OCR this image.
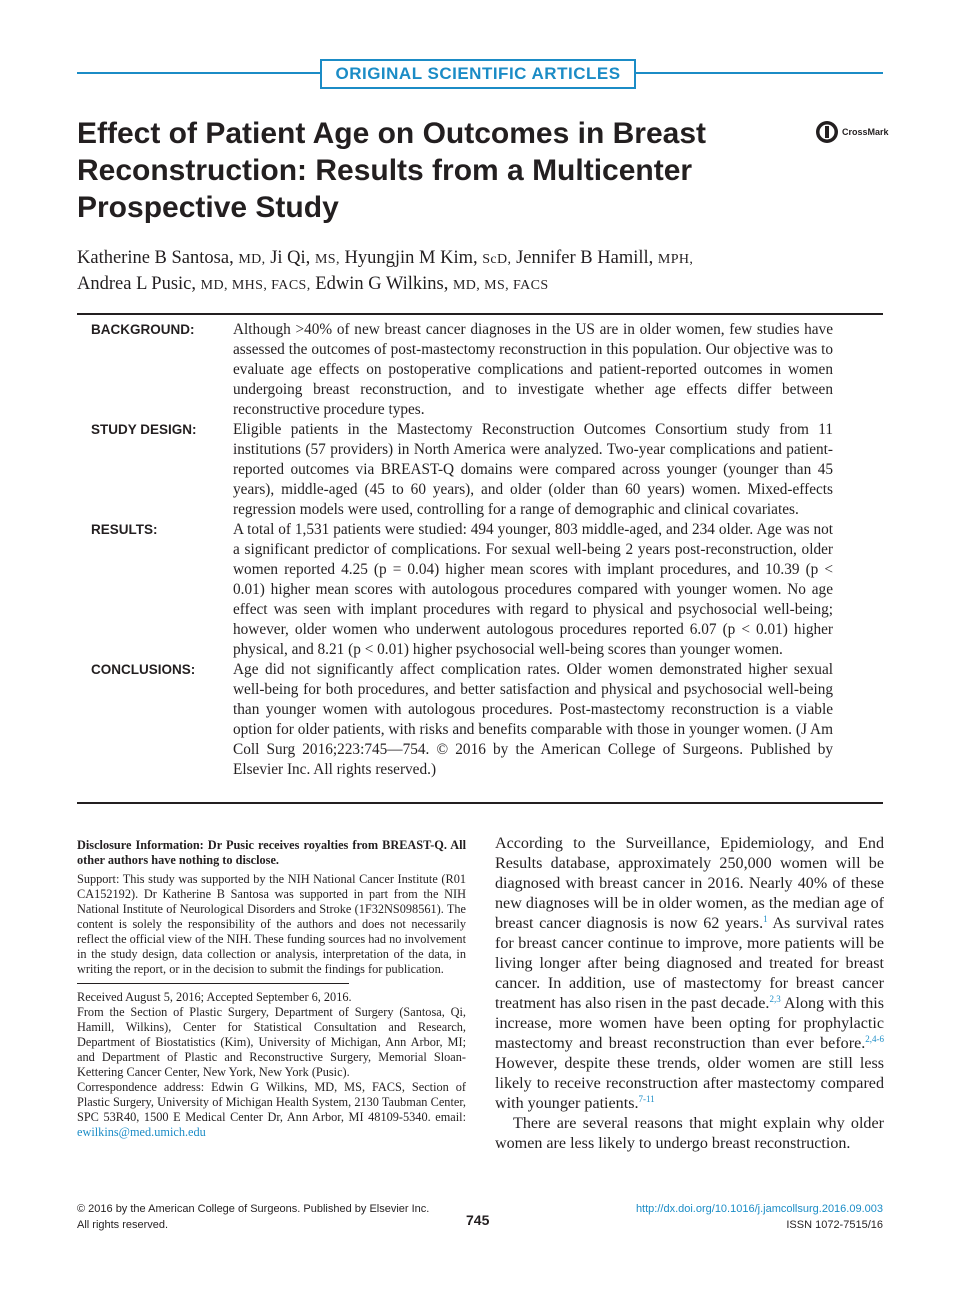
ORIGINAL SCIENTIFIC ARTICLES
Effect of Patient Age on Outcomes in Breast Reconstruction: Results from a Multicenter Prospective Study
CrossMark
Katherine B Santosa, MD, Ji Qi, MS, Hyungjin M Kim, ScD, Jennifer B Hamill, MPH,
Andrea L Pusic, MD, MHS, FACS, Edwin G Wilkins, MD, MS, FACS
BACKGROUND:	Although >40% of new breast cancer diagnoses in the US are in older women, few studies have assessed the outcomes of post-mastectomy reconstruction in this population. Our objective was to evaluate age effects on postoperative complications and patient-reported outcomes in women undergoing breast reconstruction, and to investigate whether age effects differ between reconstructive procedure types.
STUDY DESIGN:	Eligible patients in the Mastectomy Reconstruction Outcomes Consortium study from 11 institutions (57 providers) in North America were analyzed. Two-year complications and patient-reported outcomes via BREAST-Q domains were compared across younger (younger than 45 years), middle-aged (45 to 60 years), and older (older than 60 years) women. Mixed-effects regression models were used, controlling for a range of demographic and clinical covariates.
RESULTS:	A total of 1,531 patients were studied: 494 younger, 803 middle-aged, and 234 older. Age was not a significant predictor of complications. For sexual well-being 2 years post-reconstruction, older women reported 4.25 (p = 0.04) higher mean scores with implant procedures, and 10.39 (p < 0.01) higher mean scores with autologous procedures compared with younger women. No age effect was seen with implant procedures with regard to physical and psychosocial well-being; however, older women who underwent autologous procedures reported 6.07 (p < 0.01) higher physical, and 8.21 (p < 0.01) higher psychosocial well-being scores than younger women.
CONCLUSIONS:	Age did not significantly affect complication rates. Older women demonstrated higher sexual well-being for both procedures, and better satisfaction and physical and psychosocial well-being than younger women with autologous procedures. Post-mastectomy reconstruction is a viable option for older patients, with risks and benefits comparable with those in younger women. (J Am Coll Surg 2016;223:745—754. © 2016 by the American College of Surgeons. Published by Elsevier Inc. All rights reserved.)

Disclosure Information: Dr Pusic receives royalties from BREAST-Q. All other authors have nothing to disclose.

Support: This study was supported by the NIH National Cancer Institute (R01 CA152192). Dr Katherine B Santosa was supported in part from the NIH National Institute of Neurological Disorders and Stroke (1F32NS098561). The content is solely the responsibility of the authors and does not necessarily reflect the official view of the NIH. These funding sources had no involvement in the study design, data collection or analysis, interpretation of the data, in writing the report, or in the decision to submit the findings for publication.

Received August 5, 2016; Accepted September 6, 2016.

From the Section of Plastic Surgery, Department of Surgery (Santosa, Qi, Hamill, Wilkins), Center for Statistical Consultation and Research, Department of Biostatistics (Kim), University of Michigan, Ann Arbor, MI; and Department of Plastic and Reconstructive Surgery, Memorial Sloan-Kettering Cancer Center, New York, New York (Pusic).

Correspondence address: Edwin G Wilkins, MD, MS, FACS, Section of Plastic Surgery, University of Michigan Health System, 2130 Taubman Center, SPC 53R40, 1500 E Medical Center Dr, Ann Arbor, MI 48109-5340. email: ewilkins@med.umich.edu

According to the Surveillance, Epidemiology, and End Results database, approximately 250,000 women will be diagnosed with breast cancer in 2016. Nearly 40% of these new diagnoses will be in older women, as the median age of breast cancer diagnosis is now 62 years.$^1$ As survival rates for breast cancer continue to improve, more patients will be living longer after being diagnosed and treated for breast cancer. In addition, use of mastectomy for breast cancer treatment has also risen in the past decade.$^{2,3}$ Along with this increase, more women have been opting for prophylactic mastectomy and breast reconstruction than ever before.$^{2,4-6}$ However, despite these trends, older women are still less likely to receive reconstruction after mastectomy compared with younger patients.$^{7-11}$

There are several reasons that might explain why older women are less likely to undergo breast reconstruction.

© 2016 by the American College of Surgeons. Published by Elsevier Inc.
All rights reserved.	745
http://dx.doi.org/10.1016/j.jamcollsurg.2016.09.003
ISSN 1072-7515/16
